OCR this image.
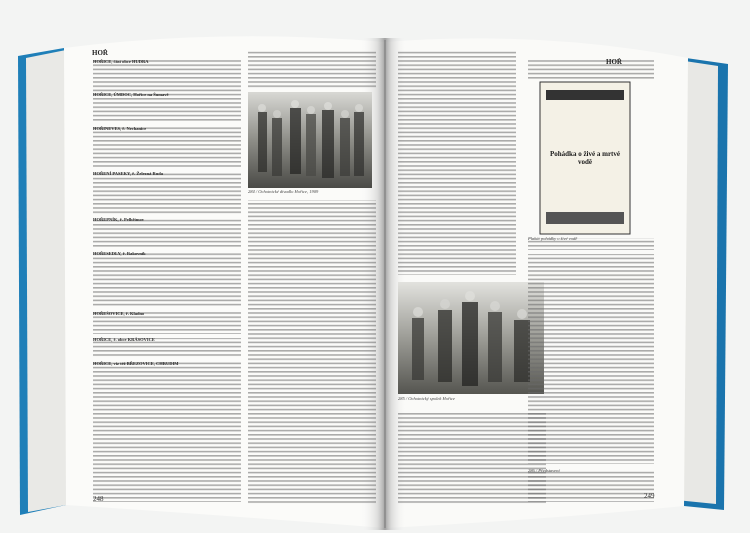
HOŘ
248
HOŘ
249
284 / Ochotnické divadlo Hořice, 1909
285 / Ochotnický spolek Hořice
Pohádka o živé a mrtvé vodě
HOŘICE, část obce HUDRA
HOŘINEVES, ř. Nechanice
HOŘENÍ PASEKY, ř. Železná Ruda
HOŘEPNÍK, ř. Pelhřimov
HOŘESEDLY, ř. Rakovník
HOŘEŠOVICE, ř. Kladno
HOŘICE, ř. obce KRÁSOVICE
HOŘICE, viz též BŘEZOVICE, CHRUDIM
HOŘICE, ÚMDOC, Hořice na Šumavě
Plakát pohádky o živé vodě
286 / Představení
